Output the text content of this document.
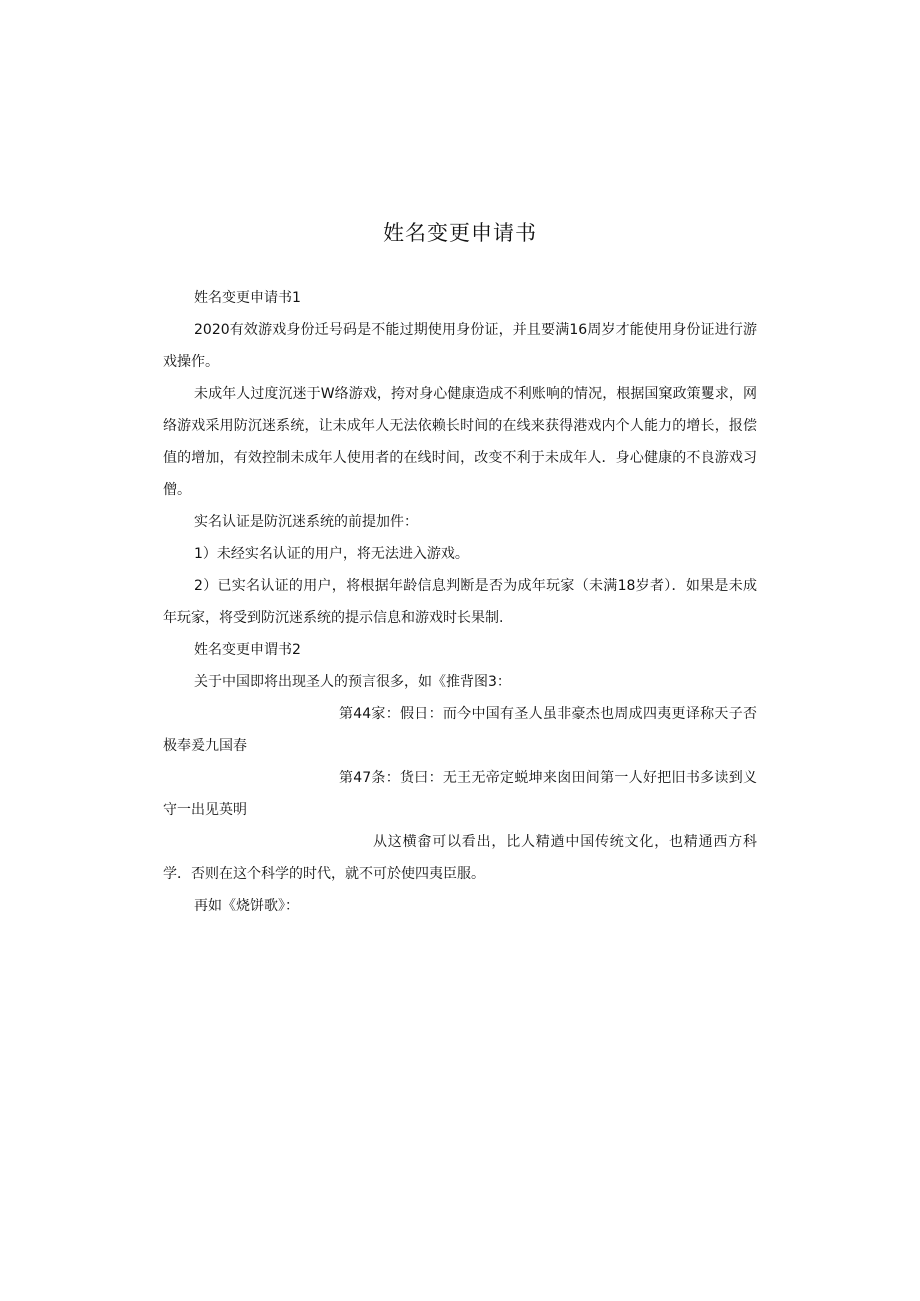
姓名变更申请书

姓名变更申请书1

2020有效游戏身份迁号码是不能过期使用身份证，并且要满16周岁才能使用身份证进行游戏操作。

未成年人过度沉迷于W络游戏，挎对身心健康造成不利账响的情况，根据国窠政策矍求，网络游戏采用防沉迷系统，让未成年人无法依赖长时间的在线来获得港戏内个人能力的增长，报偿值的增加，有效控制未成年人使用者的在线时间，改变不利于未成年人．身心健康的不良游戏习僧。

实名认证是防沉迷系统的前提加件：

1）未经实名认证的用户，将无法进入游戏。

2）已实名认证的用户，将根据年龄信息判断是否为成年玩家（未满18岁者）．如果是未成年玩家，将受到防沉迷系统的提示信息和游戏时长果制.

姓名变更申谓书2

关于中国即将出现圣人的预言很多，如《推背图3：

第44家：假日：而今中国有圣人虽非豪杰也周成四夷更译称天子否极奉爰九国春

第47条：货曰：无王无帝定蜕坤来囱田间第一人好把旧书多读到义守一出见英明

从这横畲可以看出，比人精遒中国传统文化，也精通西方科学．否则在这个科学的时代，就不可於使四夷臣服。

再如《烧饼歌》：
